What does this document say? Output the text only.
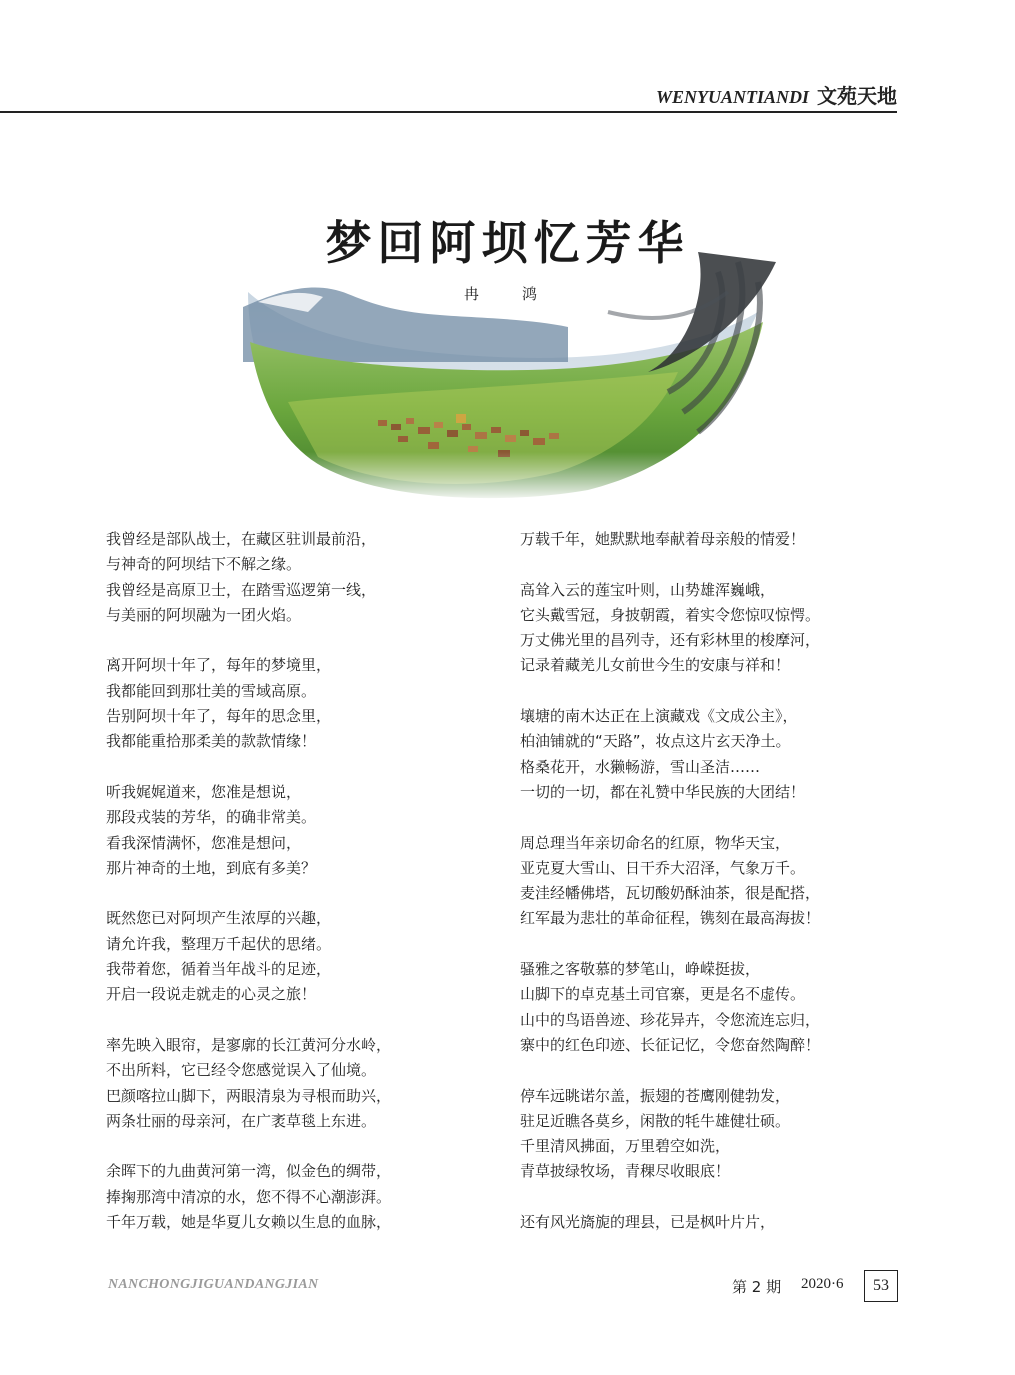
WENYUANTIANDI 文苑天地
梦回阿坝忆芳华
冉　鸿
我曾经是部队战士，在藏区驻训最前沿，
与神奇的阿坝结下不解之缘。
我曾经是高原卫士，在踏雪巡逻第一线，
与美丽的阿坝融为一团火焰。
离开阿坝十年了，每年的梦境里，
我都能回到那壮美的雪域高原。
告别阿坝十年了，每年的思念里，
我都能重拾那柔美的款款情缘！
听我娓娓道来，您准是想说，
那段戎装的芳华，的确非常美。
看我深情满怀，您准是想问，
那片神奇的土地，到底有多美？
既然您已对阿坝产生浓厚的兴趣，
请允许我，整理万千起伏的思绪。
我带着您，循着当年战斗的足迹，
开启一段说走就走的心灵之旅！
率先映入眼帘，是寥廓的长江黄河分水岭，
不出所料，它已经令您感觉误入了仙境。
巴颜喀拉山脚下，两眼清泉为寻根而助兴，
两条壮丽的母亲河，在广袤草毯上东进。
余晖下的九曲黄河第一湾，似金色的绸带，
捧掬那湾中清凉的水，您不得不心潮澎湃。
千年万载，她是华夏儿女赖以生息的血脉，
万载千年，她默默地奉献着母亲般的情爱！
高耸入云的莲宝叶则，山势雄浑巍峨，
它头戴雪冠，身披朝霞，着实令您惊叹惊愕。
万丈佛光里的昌列寺，还有彩林里的梭摩河，
记录着藏羌儿女前世今生的安康与祥和！
壤塘的南木达正在上演藏戏《文成公主》，
柏油铺就的“天路”，妆点这片玄天净土。
格桑花开，水獭畅游，雪山圣洁……
一切的一切，都在礼赞中华民族的大团结！
周总理当年亲切命名的红原，物华天宝，
亚克夏大雪山、日干乔大沼泽，气象万千。
麦洼经幡佛塔，瓦切酸奶酥油茶，很是配搭，
红军最为悲壮的革命征程，镌刻在最高海拔！
骚雅之客敬慕的梦笔山，峥嵘挺拔，
山脚下的卓克基土司官寨，更是名不虚传。
山中的鸟语兽迹、珍花异卉，令您流连忘归，
寨中的红色印迹、长征记忆，令您奋然陶醉！
停车远眺诺尔盖，振翅的苍鹰刚健勃发，
驻足近瞧各莫乡，闲散的牦牛雄健壮硕。
千里清风拂面，万里碧空如洗，
青草披绿牧场，青稞尽收眼底！
还有风光旖旎的理县，已是枫叶片片，
NANCHONGJIGUANDANGJIAN	第 2 期 2020·6	53
